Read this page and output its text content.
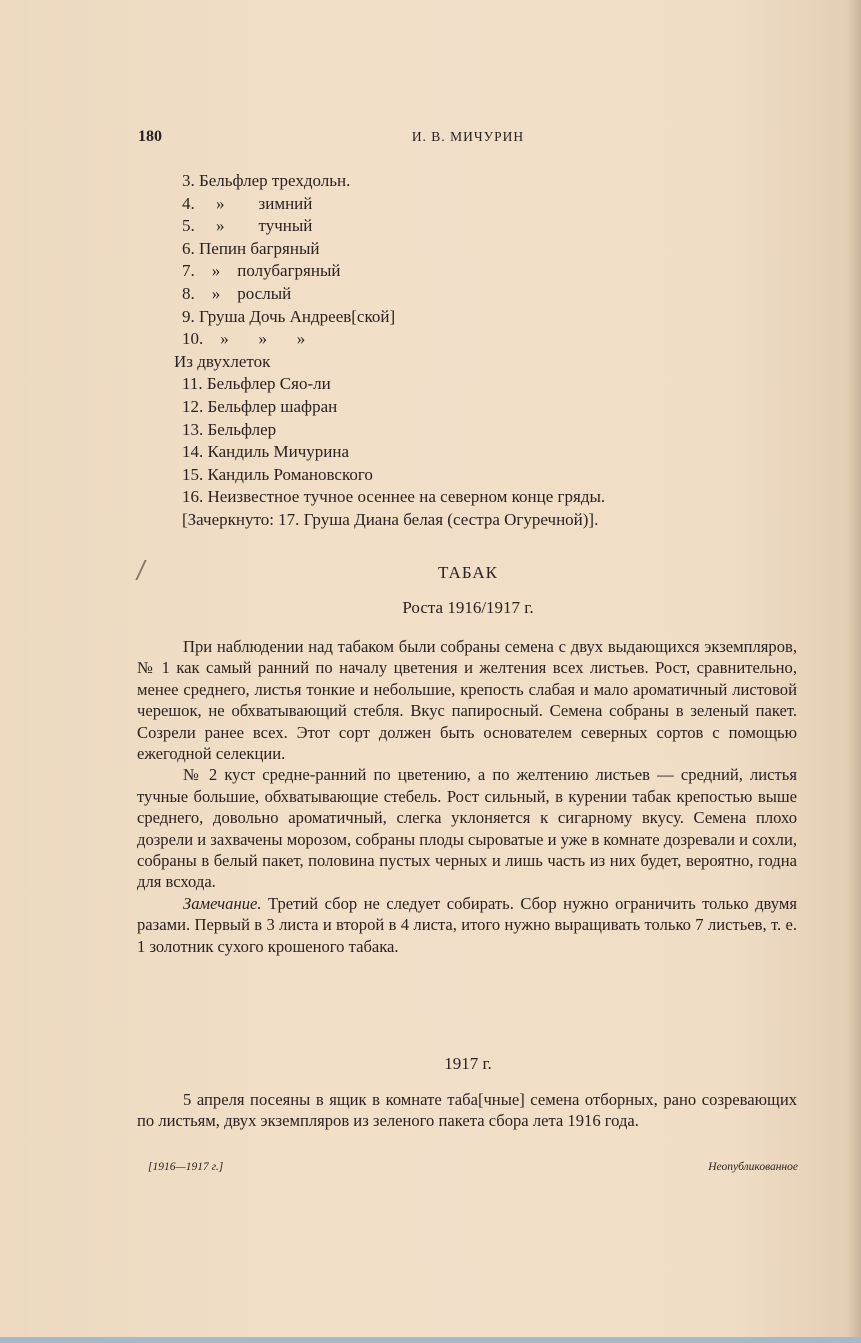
180	И. В. МИЧУРИН
3. Бельфлер трехдольн.
4.     »        зимний
5.     »        тучный
6. Пепин багряный
7.    »    полубагряный
8.    »    рослый
9. Груша Дочь Андреев[ской]
10.    »       »       »
Из двухлеток
11. Бельфлер Сяо-ли
12. Бельфлер шафран
13. Бельфлер
14. Кандиль Мичурина
15. Кандиль Романовского
16. Неизвестное тучное осеннее на северном конце гряды.
[Зачеркнуто: 17. Груша Диана белая (сестра Огуречной)].
ТАБАК
Роста 1916/1917 г.

При наблюдении над табаком были собраны семена с двух выдающихся экземпляров, № 1 как самый ранний по началу цветения и желтения всех листьев. Рост, сравнительно, менее среднего, листья тонкие и небольшие, крепость слабая и мало ароматичный листовой черешок, не обхватывающий стебля. Вкус папиросный. Семена собраны в зеленый пакет. Созрели ранее всех. Этот сорт должен быть основателем северных сортов с помощью ежегодной селекции.

№ 2 куст средне-ранний по цветению, а по желтению листьев — средний, листья тучные большие, обхватывающие стебель. Рост сильный, в курении табак крепостью выше среднего, довольно ароматичный, слегка уклоняется к сигарному вкусу. Семена плохо дозрели и захвачены морозом, собраны плоды сыроватые и уже в комнате дозревали и сохли, собраны в белый пакет, половина пустых черных и лишь часть из них будет, вероятно, годна для всхода.

Замечание. Третий сбор не следует собирать. Сбор нужно ограничить только двумя разами. Первый в 3 листа и второй в 4 листа, итого нужно выращивать только 7 листьев, т. е. 1 золотник сухого крошеного табака.

1917 г.

5 апреля посеяны в ящик в комнате таба[чные] семена отборных, рано созревающих по листьям, двух экземпляров из зеленого пакета сбора лета 1916 года.

[1916—1917 г.]	Неопубликованное
